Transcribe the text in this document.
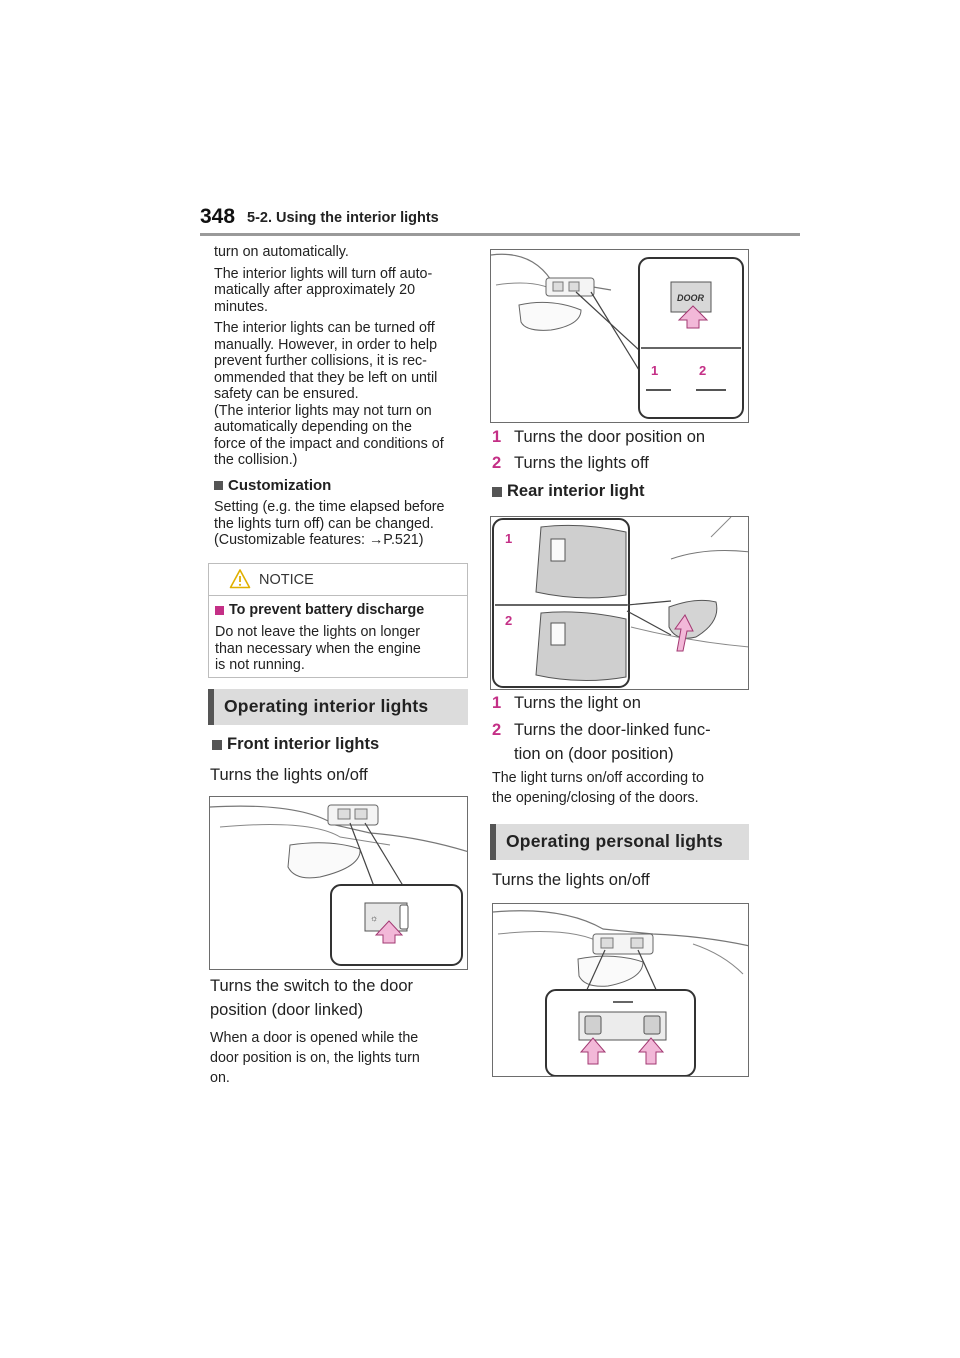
348 5-2. Using the interior lights
turn on automatically.
The interior lights will turn off auto-
matically after approximately 20
minutes.
The interior lights can be turned off
manually. However, in order to help
prevent further collisions, it is rec-
ommended that they be left on until
safety can be ensured.
(The interior lights may not turn on
automatically depending on the
force of the impact and conditions of
the collision.)
Customization
Setting (e.g. the time elapsed before
the lights turn off) can be changed.
(Customizable features: →P.521)
NOTICE
To prevent battery discharge
Do not leave the lights on longer
than necessary when the engine
is not running.
Operating interior lights
Front interior lights
Turns the lights on/off
☼
Turns the switch to the door
position (door linked)
When a door is opened while the
door position is on, the lights turn
on.
DOOR
1	2
1 Turns the door position on
2 Turns the lights off
Rear interior light
1
2
1 Turns the light on
2 Turns the door-linked func-
tion on (door position)
The light turns on/off according to
the opening/closing of the doors.
Operating personal lights
Turns the lights on/off
